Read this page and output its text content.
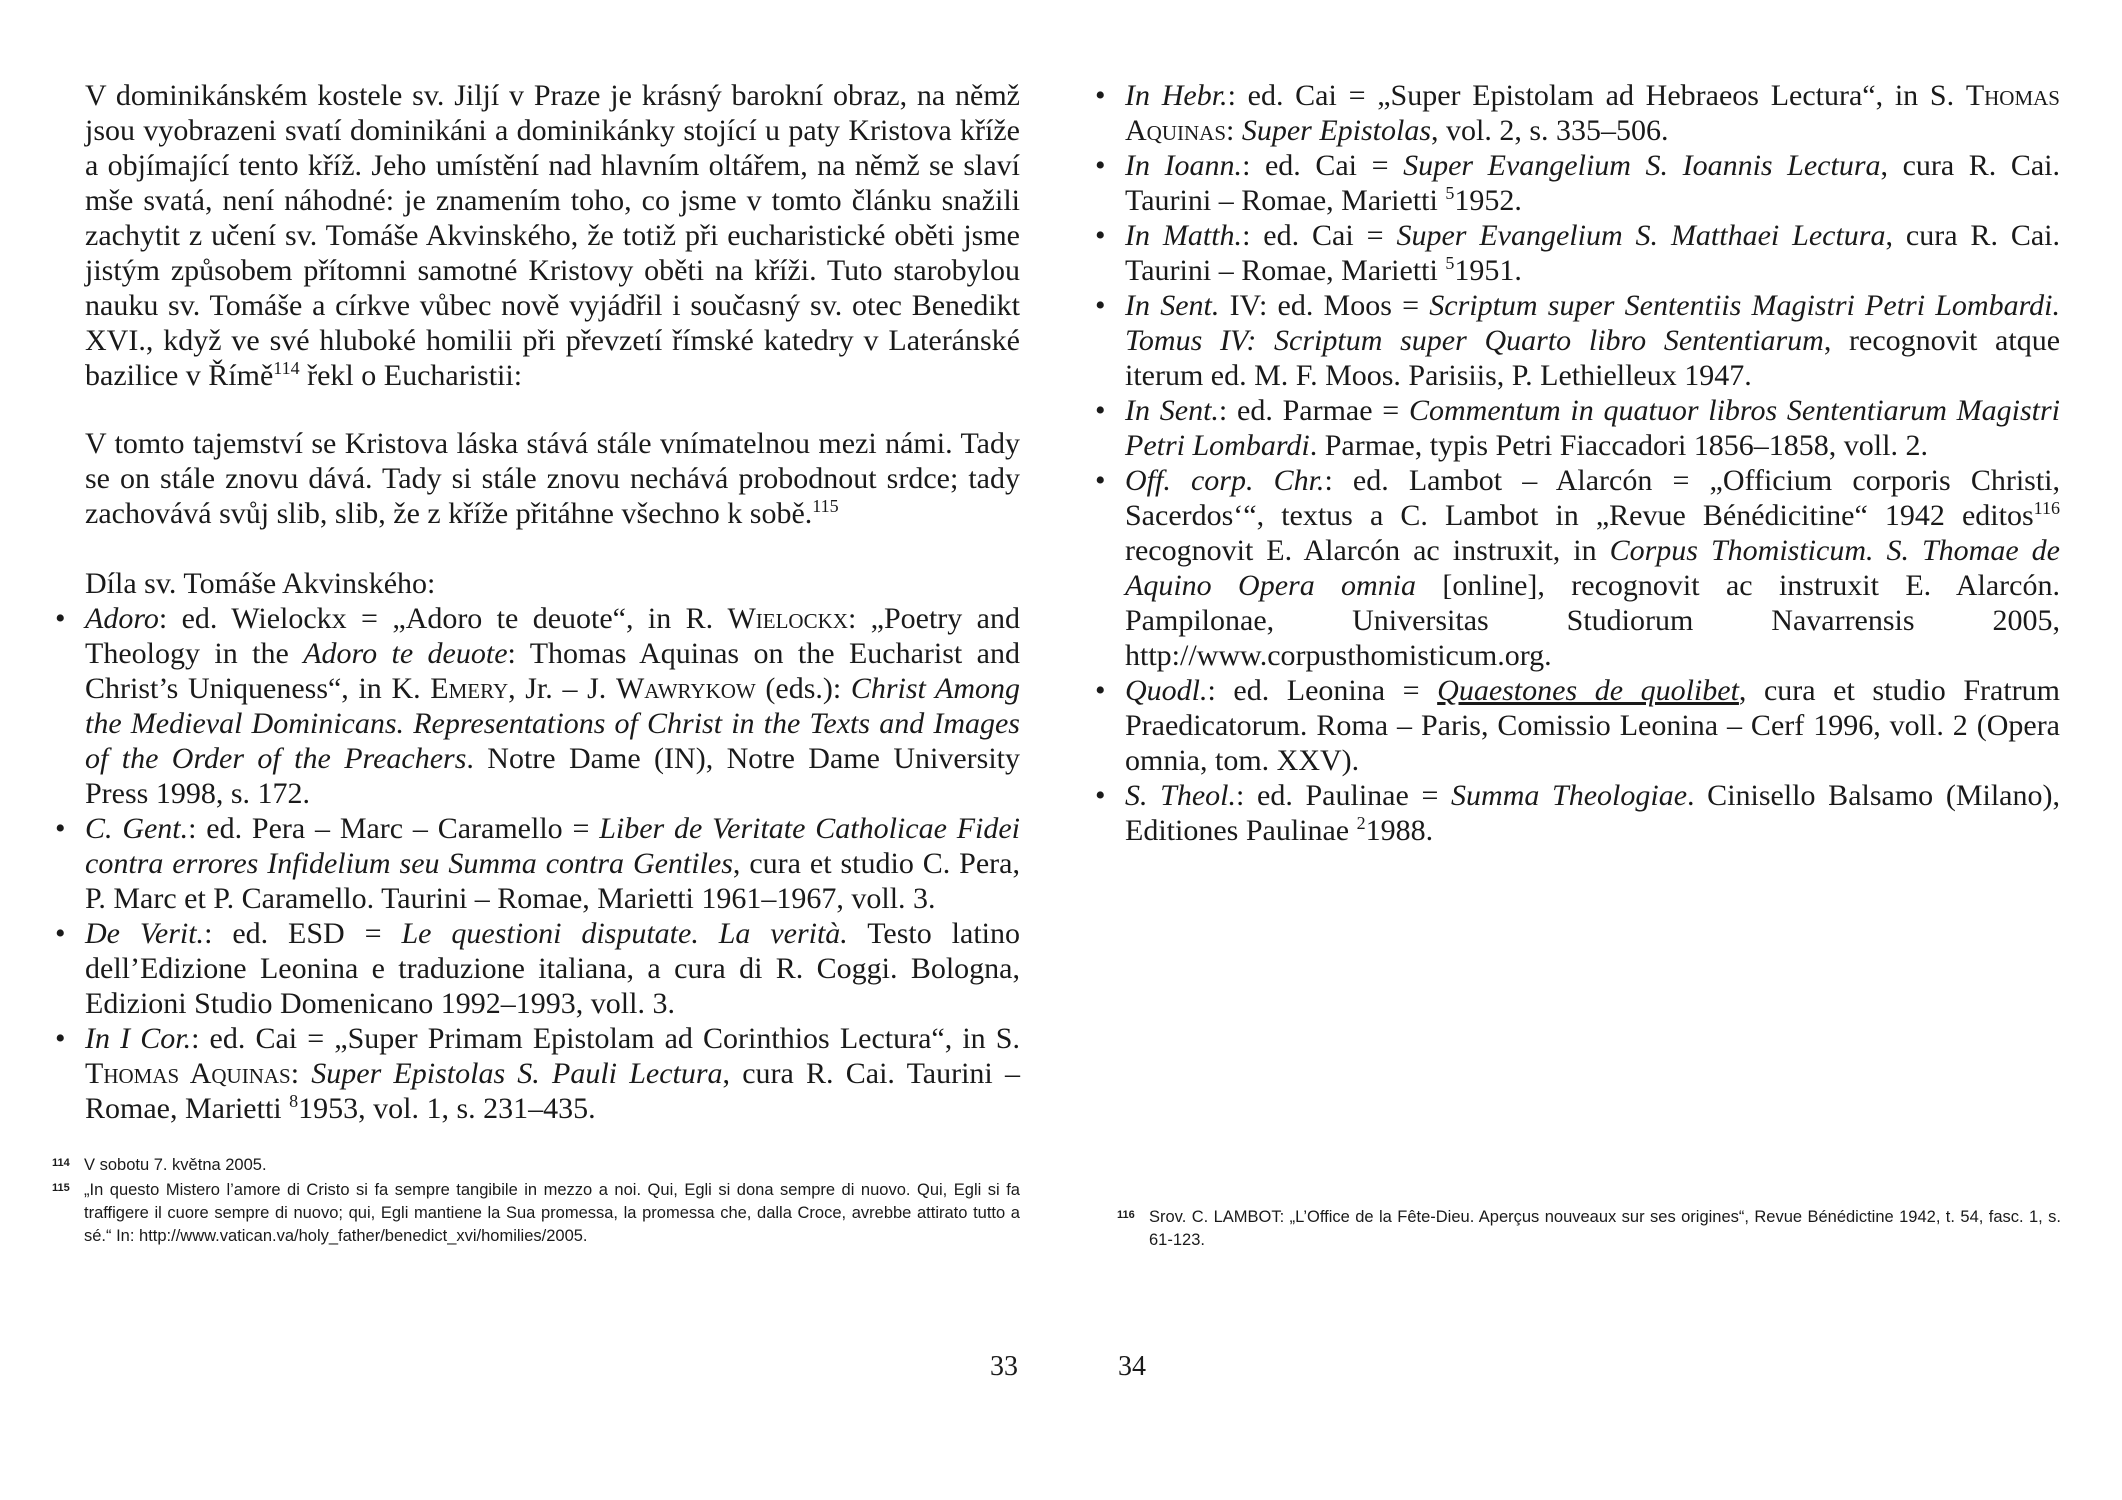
V dominikánském kostele sv. Jiljí v Praze je krásný barokní obraz, na němž jsou vyobrazeni svatí dominikáni a dominikánky stojící u paty Kristova kříže a objímající tento kříž. Jeho umístění nad hlavním oltářem, na němž se slaví mše svatá, není náhodné: je znamením toho, co jsme v tomto článku snažili zachytit z učení sv. Tomáše Akvinského, že totiž při eucharistické oběti jsme jistým způsobem přítomni samotné Kristovy oběti na kříži. Tuto starobylou nauku sv. Tomáše a církve vůbec nově vyjádřil i současný sv. otec Benedikt XVI., když ve své hluboké homilii při převzetí římské katedry v Lateránské bazilice v Římě$^{114}$ řekl o Eucharistii:

V tomto tajemství se Kristova láska stává stále vnímatelnou mezi námi. Tady se on stále znovu dává. Tady si stále znovu nechává probodnout srdce; tady zachovává svůj slib, slib, že z kříže přitáhne všechno k sobě.$^{115}$

Díla sv. Tomáše Akvinského:

• Adoro: ed. Wielockx = „Adoro te deuote“, in R. Wielockx: „Poetry and Theology in the Adoro te deuote: Thomas Aquinas on the Eucharist and Christ’s Uniqueness“, in K. Emery, Jr. – J. Wawrykow (eds.): Christ Among the Medieval Dominicans. Representations of Christ in the Texts and Images of the Order of the Preachers. Notre Dame (IN), Notre Dame University Press 1998, s. 172.
• C. Gent.: ed. Pera – Marc – Caramello = Liber de Veritate Catholicae Fidei contra errores Infidelium seu Summa contra Gentiles, cura et studio C. Pera, P. Marc et P. Caramello. Taurini – Romae, Marietti 1961–1967, voll. 3.
• De Verit.: ed. ESD = Le questioni disputate. La verità. Testo latino dell’Edizione Leonina e traduzione italiana, a cura di R. Coggi. Bologna, Edizioni Studio Domenicano 1992–1993, voll. 3.
• In I Cor.: ed. Cai = „Super Primam Epistolam ad Corinthios Lectura“, in S. Thomas Aquinas: Super Epistolas S. Pauli Lectura, cura R. Cai. Taurini – Romae, Marietti $^8$1953, vol. 1, s. 231–435.
114 V sobotu 7. května 2005.
115 „In questo Mistero l’amore di Cristo si fa sempre tangibile in mezzo a noi. Qui, Egli si dona sempre di nuovo. Qui, Egli si fa traffigere il cuore sempre di nuovo; qui, Egli mantiene la Sua promessa, la promessa che, dalla Croce, avrebbe attirato tutto a sé.“ In: http://www.vatican.va/holy_father/benedict_xvi/homilies/2005.
33
• In Hebr.: ed. Cai = „Super Epistolam ad Hebraeos Lectura“, in S. Thomas Aquinas: Super Epistolas, vol. 2, s. 335–506.
• In Ioann.: ed. Cai = Super Evangelium S. Ioannis Lectura, cura R. Cai. Taurini – Romae, Marietti $^5$1952.
• In Matth.: ed. Cai = Super Evangelium S. Matthaei Lectura, cura R. Cai. Taurini – Romae, Marietti $^5$1951.
• In Sent. IV: ed. Moos = Scriptum super Sententiis Magistri Petri Lombardi. Tomus IV: Scriptum super Quarto libro Sententiarum, recognovit atque iterum ed. M. F. Moos. Parisiis, P. Lethielleux 1947.
• In Sent.: ed. Parmae = Commentum in quatuor libros Sententiarum Magistri Petri Lombardi. Parmae, typis Petri Fiaccadori 1856–1858, voll. 2.
• Off. corp. Chr.: ed. Lambot – Alarcón = „Officium corporis Christi, Sacerdos‘“, textus a C. Lambot in „Revue Bénédicitine“ 1942 editos$^{116}$ recognovit E. Alarcón ac instruxit, in Corpus Thomisticum. S. Thomae de Aquino Opera omnia [online], recognovit ac instruxit E. Alarcón. Pampilonae, Universitas Studiorum Navarrensis 2005, http://www.corpusthomisticum.org.
• Quodl.: ed. Leonina = Quaestones de quolibet, cura et studio Fratrum Praedicatorum. Roma – Paris, Comissio Leonina – Cerf 1996, voll. 2 (Opera omnia, tom. XXV).
• S. Theol.: ed. Paulinae = Summa Theologiae. Cinisello Balsamo (Milano), Editiones Paulinae $^2$1988.
116 Srov. C. LAMBOT: „L’Office de la Fête-Dieu. Aperçus nouveaux sur ses origines“, Revue Bénédictine 1942, t. 54, fasc. 1, s. 61-123.
34
